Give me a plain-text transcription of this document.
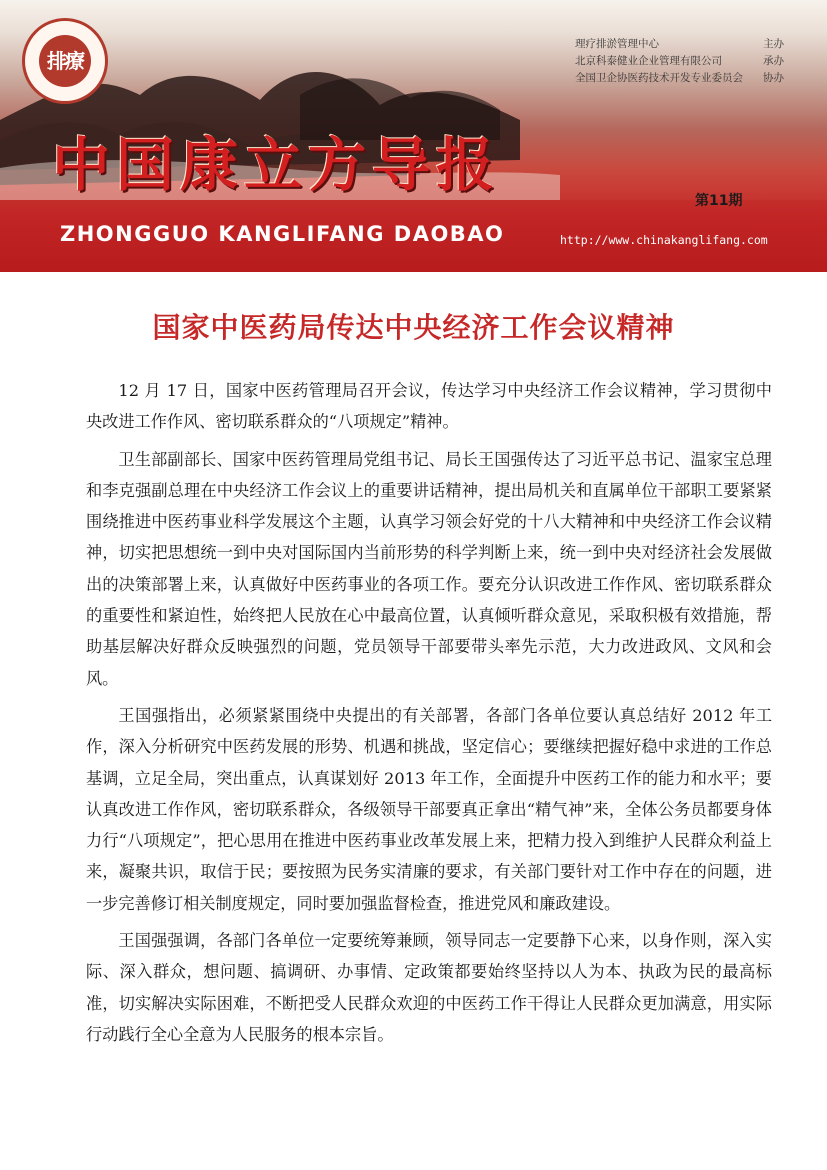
排療
理疗排淤管理中心	主办
北京科泰健业企业管理有限公司	承办
全国卫企协医药技术开发专业委员会	协办
中国康立方导报
第11期
ZHONGGUO KANGLIFANG DAOBAO	http://www.chinakanglifang.com
国家中医药局传达中央经济工作会议精神

12 月 17 日，国家中医药管理局召开会议，传达学习中央经济工作会议精神，学习贯彻中央改进工作作风、密切联系群众的“八项规定”精神。

卫生部副部长、国家中医药管理局党组书记、局长王国强传达了习近平总书记、温家宝总理和李克强副总理在中央经济工作会议上的重要讲话精神，提出局机关和直属单位干部职工要紧紧围绕推进中医药事业科学发展这个主题，认真学习领会好党的十八大精神和中央经济工作会议精神，切实把思想统一到中央对国际国内当前形势的科学判断上来，统一到中央对经济社会发展做出的决策部署上来，认真做好中医药事业的各项工作。要充分认识改进工作作风、密切联系群众的重要性和紧迫性，始终把人民放在心中最高位置，认真倾听群众意见，采取积极有效措施，帮助基层解决好群众反映强烈的问题，党员领导干部要带头率先示范，大力改进政风、文风和会风。

王国强指出，必须紧紧围绕中央提出的有关部署，各部门各单位要认真总结好 2012 年工作，深入分析研究中医药发展的形势、机遇和挑战，坚定信心；要继续把握好稳中求进的工作总基调，立足全局，突出重点，认真谋划好 2013 年工作，全面提升中医药工作的能力和水平；要认真改进工作作风，密切联系群众，各级领导干部要真正拿出“精气神”来，全体公务员都要身体力行“八项规定”，把心思用在推进中医药事业改革发展上来，把精力投入到维护人民群众利益上来，凝聚共识，取信于民；要按照为民务实清廉的要求，有关部门要针对工作中存在的问题，进一步完善修订相关制度规定，同时要加强监督检查，推进党风和廉政建设。

王国强强调，各部门各单位一定要统筹兼顾，领导同志一定要静下心来，以身作则，深入实际、深入群众，想问题、搞调研、办事情、定政策都要始终坚持以人为本、执政为民的最高标准，切实解决实际困难，不断把受人民群众欢迎的中医药工作干得让人民群众更加满意，用实际行动践行全心全意为人民服务的根本宗旨。
